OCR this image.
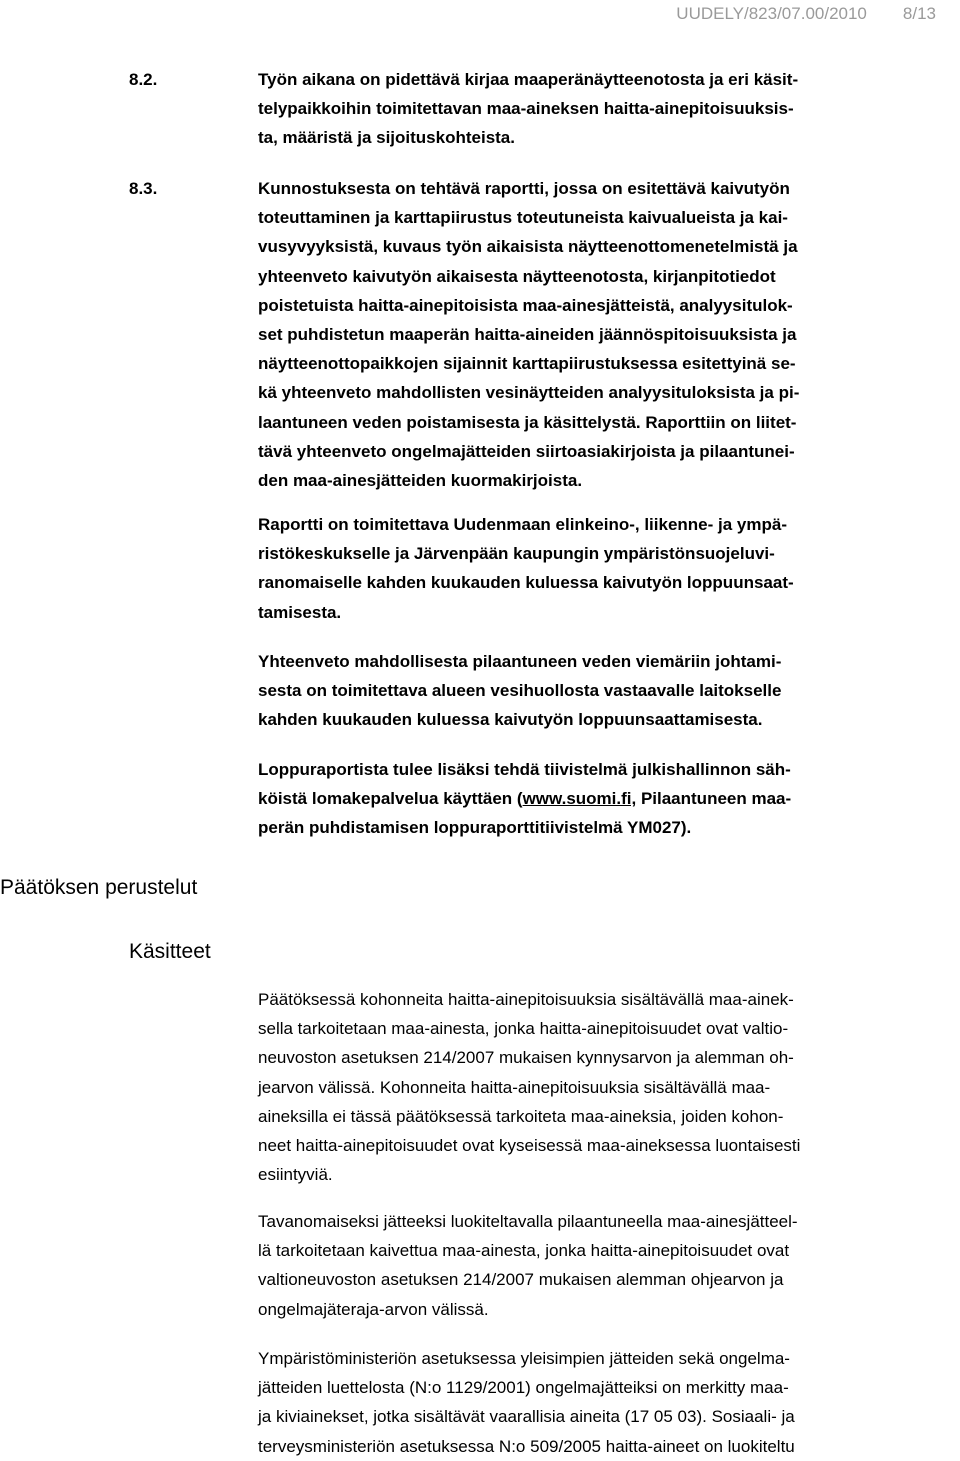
UUDELY/823/07.00/2010 8/13
8.2.	Työn aikana on pidettävä kirjaa maaperänäytteenotosta ja eri käsit-
telypaikkoihin toimitettavan maa-aineksen haitta-ainepitoisuuksis-
ta, määristä ja sijoituskohteista.
8.3.	Kunnostuksesta on tehtävä raportti, jossa on esitettävä kaivutyön
toteuttaminen ja karttapiirustus toteutuneista kaivualueista ja kai-
vusyvyyksistä, kuvaus työn aikaisista näytteenottomenetelmistä ja
yhteenveto kaivutyön aikaisesta näytteenotosta, kirjanpitotiedot
poistetuista haitta-ainepitoisista maa-ainesjätteistä, analyysitulok-
set puhdistetun maaperän haitta-aineiden jäännöspitoisuuksista ja
näytteenottopaikkojen sijainnit karttapiirustuksessa esitettyinä se-
kä yhteenveto mahdollisten vesinäytteiden analyysituloksista ja pi-
laantuneen veden poistamisesta ja käsittelystä. Raporttiin on liitet-
tävä yhteenveto ongelmajätteiden siirtoasiakirjoista ja pilaantunei-
den maa-ainesjätteiden kuormakirjoista.
Raportti on toimitettava Uudenmaan elinkeino-, liikenne- ja ympä-
ristökeskukselle ja Järvenpään kaupungin ympäristönsuojeluvi-
ranomaiselle kahden kuukauden kuluessa kaivutyön loppuunsaat-
tamisesta.
Yhteenveto mahdollisesta pilaantuneen veden viemäriin johtami-
sesta on toimitettava alueen vesihuollosta vastaavalle laitokselle
kahden kuukauden kuluessa kaivutyön loppuunsaattamisesta.
Loppuraportista tulee lisäksi tehdä tiivistelmä julkishallinnon säh-
köistä lomakepalvelua käyttäen (www.suomi.fi, Pilaantuneen maa-
perän puhdistamisen loppuraporttitiivistelmä YM027).
Päätöksen perustelut
Käsitteet
Päätöksessä kohonneita haitta-ainepitoisuuksia sisältävällä maa-ainek-
sella tarkoitetaan maa-ainesta, jonka haitta-ainepitoisuudet ovat valtio-
neuvoston asetuksen 214/2007 mukaisen kynnysarvon ja alemman oh-
jearvon välissä. Kohonneita haitta-ainepitoisuuksia sisältävällä maa-
aineksilla ei tässä päätöksessä tarkoiteta maa-aineksia, joiden kohon-
neet haitta-ainepitoisuudet ovat kyseisessä maa-aineksessa luontaisesti
esiintyviä.
Tavanomaiseksi jätteeksi luokiteltavalla pilaantuneella maa-ainesjätteel-
lä tarkoitetaan kaivettua maa-ainesta, jonka haitta-ainepitoisuudet ovat
valtioneuvoston asetuksen 214/2007 mukaisen alemman ohjearvon ja
ongelmajäteraja-arvon välissä.
Ympäristöministeriön asetuksessa yleisimpien jätteiden sekä ongelma-
jätteiden luettelosta (N:o 1129/2001) ongelmajätteiksi on merkitty maa-
ja kiviainekset, jotka sisältävät vaarallisia aineita (17 05 03). Sosiaali- ja
terveysministeriön asetuksessa N:o 509/2005 haitta-aineet on luokiteltu
